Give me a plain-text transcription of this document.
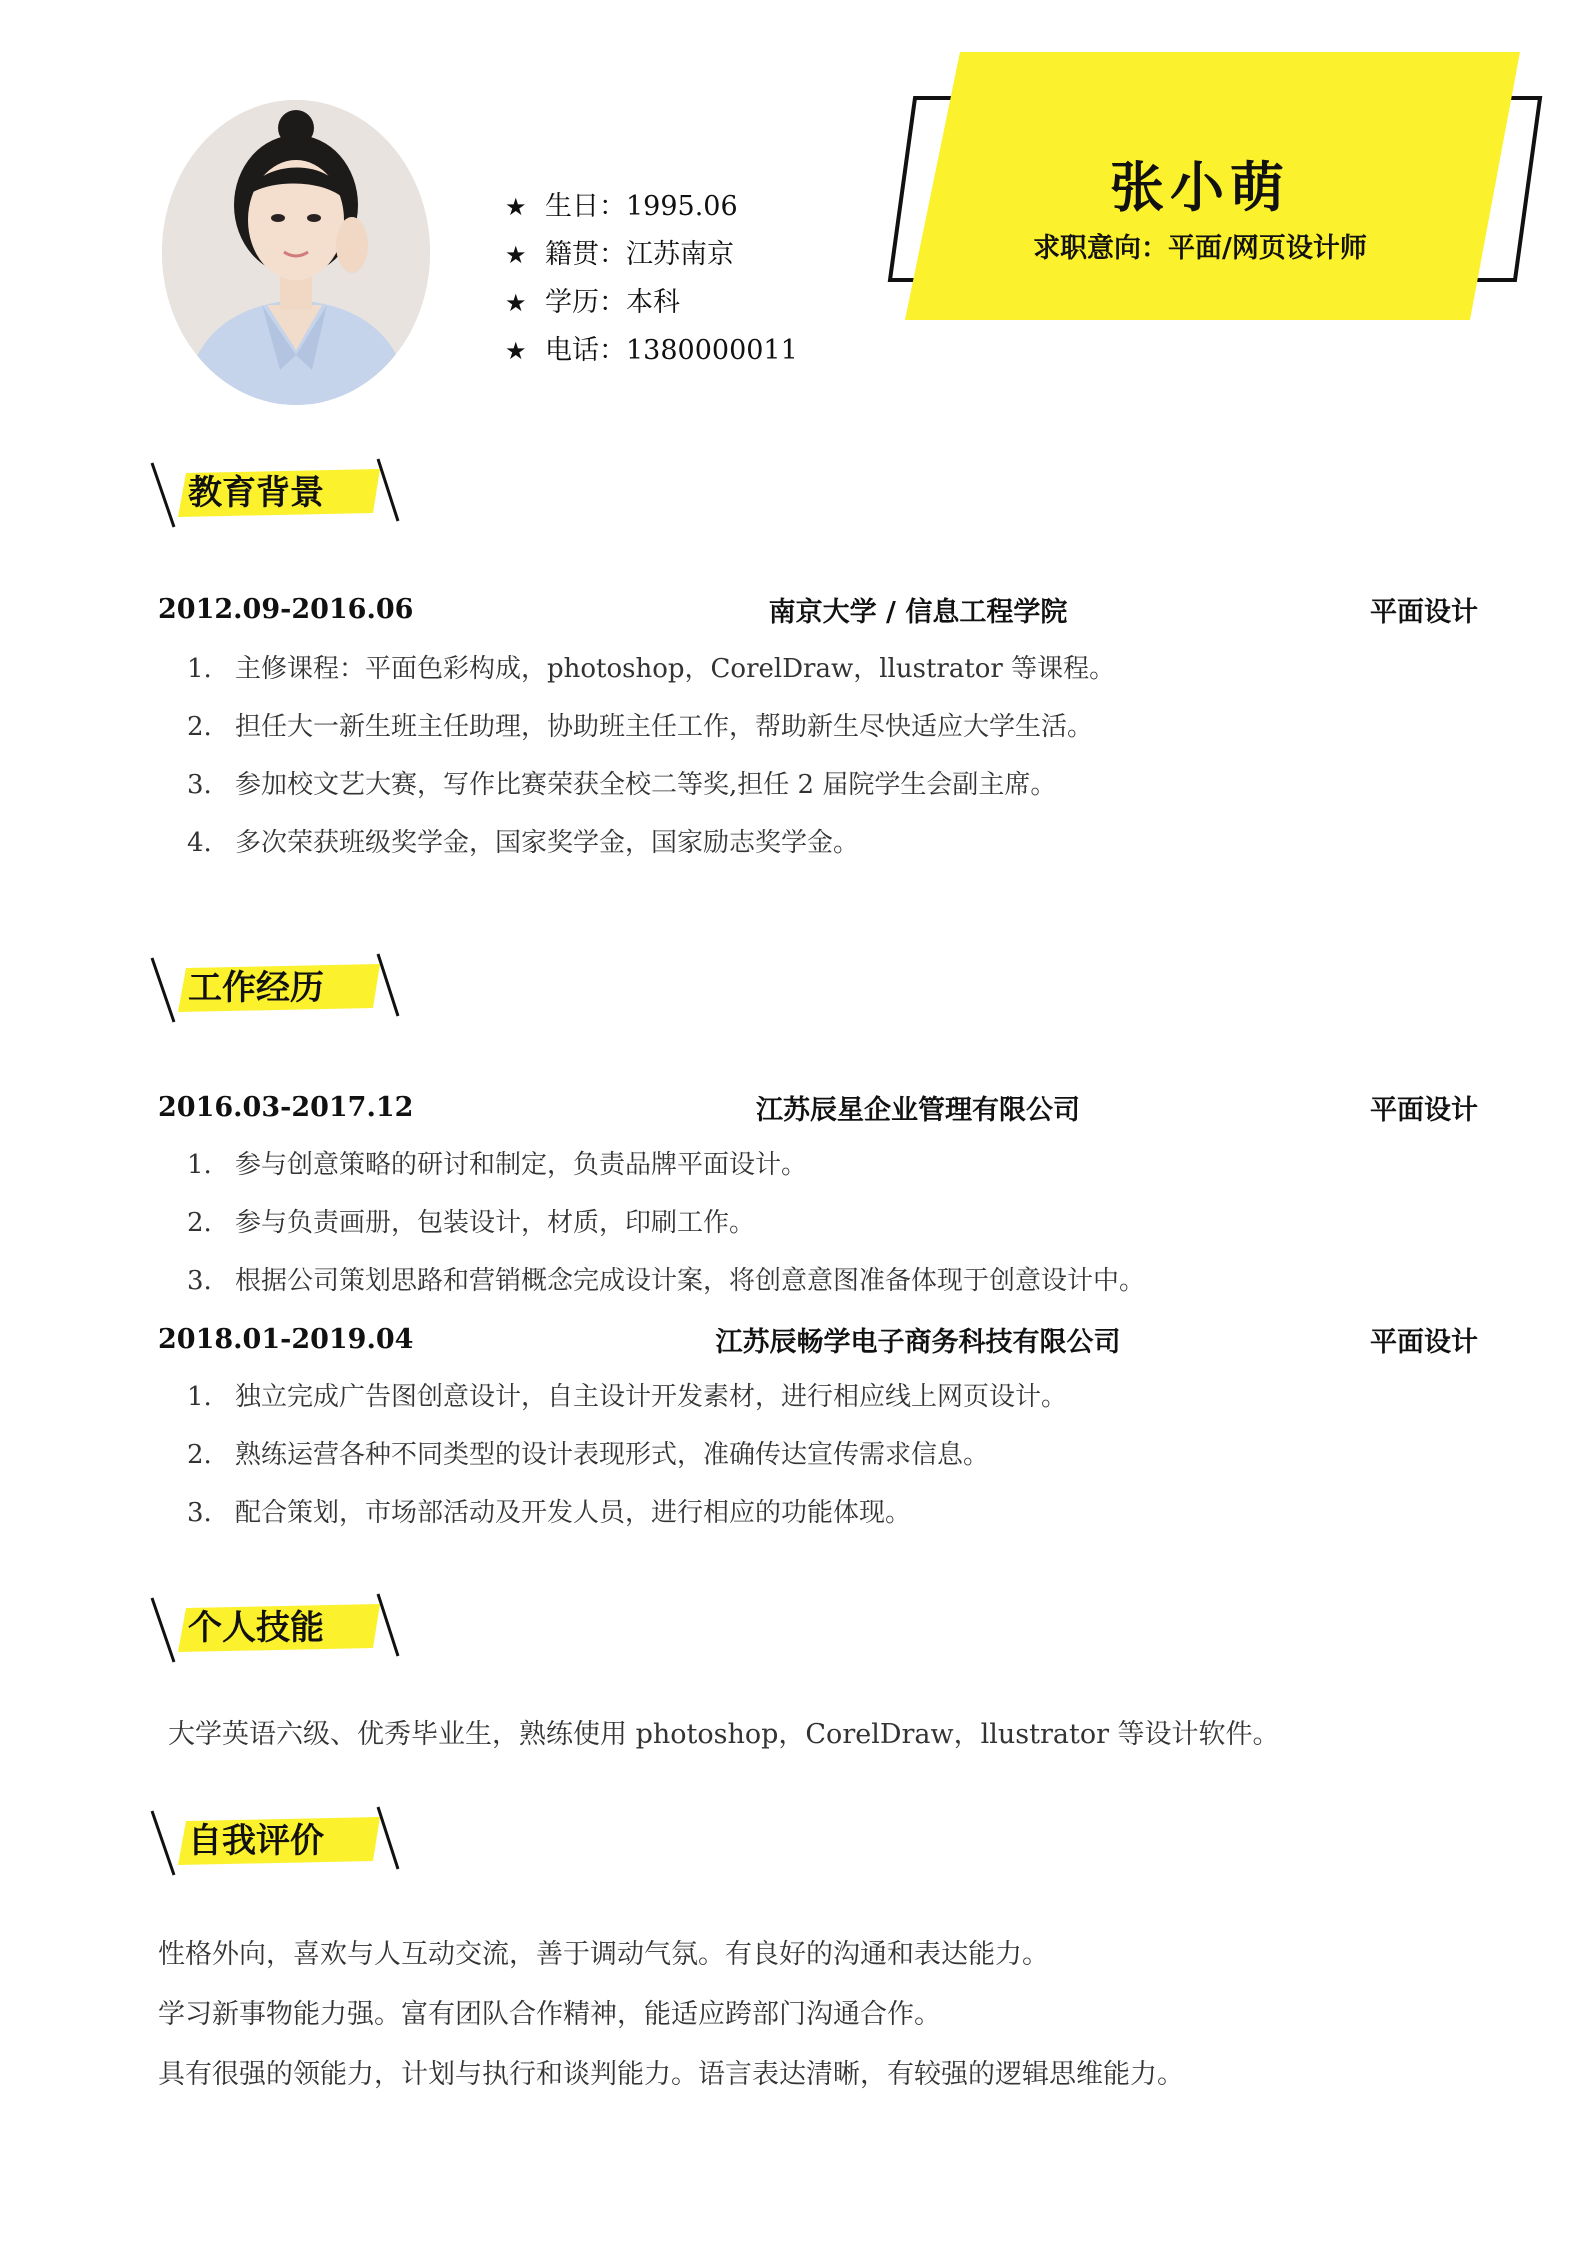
★ 生日 ： 1995.06
★ 籍贯 ： 江苏南京
★ 学历 ： 本科
★ 电话 ： 1380000011
张小萌
求职意向：平面/网页设计师
教育背景
2012.09-2016.06	南京大学 / 信息工程学院	平面设计
1. 主修课程：平面色彩构成，photoshop，CorelDraw，llustrator 等课程。
2. 担任大一新生班主任助理，协助班主任工作，帮助新生尽快适应大学生活。
3. 参加校文艺大赛，写作比赛荣获全校二等奖,担任 2 届院学生会副主席。
4. 多次荣获班级奖学金，国家奖学金，国家励志奖学金。
工作经历
2016.03-2017.12	江苏辰星企业管理有限公司	平面设计
1. 参与创意策略的研讨和制定，负责品牌平面设计。
2. 参与负责画册，包装设计，材质，印刷工作。
3. 根据公司策划思路和营销概念完成设计案，将创意意图准备体现于创意设计中。
2018.01-2019.04	江苏辰畅学电子商务科技有限公司	平面设计
1. 独立完成广告图创意设计，自主设计开发素材，进行相应线上网页设计。
2. 熟练运营各种不同类型的设计表现形式，准确传达宣传需求信息。
3. 配合策划，市场部活动及开发人员，进行相应的功能体现。
个人技能
大学英语六级、优秀毕业生，熟练使用 photoshop，CorelDraw，llustrator 等设计软件。
自我评价
性格外向，喜欢与人互动交流，善于调动气氛。有良好的沟通和表达能力。
学习新事物能力强。富有团队合作精神，能适应跨部门沟通合作。
具有很强的领能力，计划与执行和谈判能力。语言表达清晰，有较强的逻辑思维能力。
